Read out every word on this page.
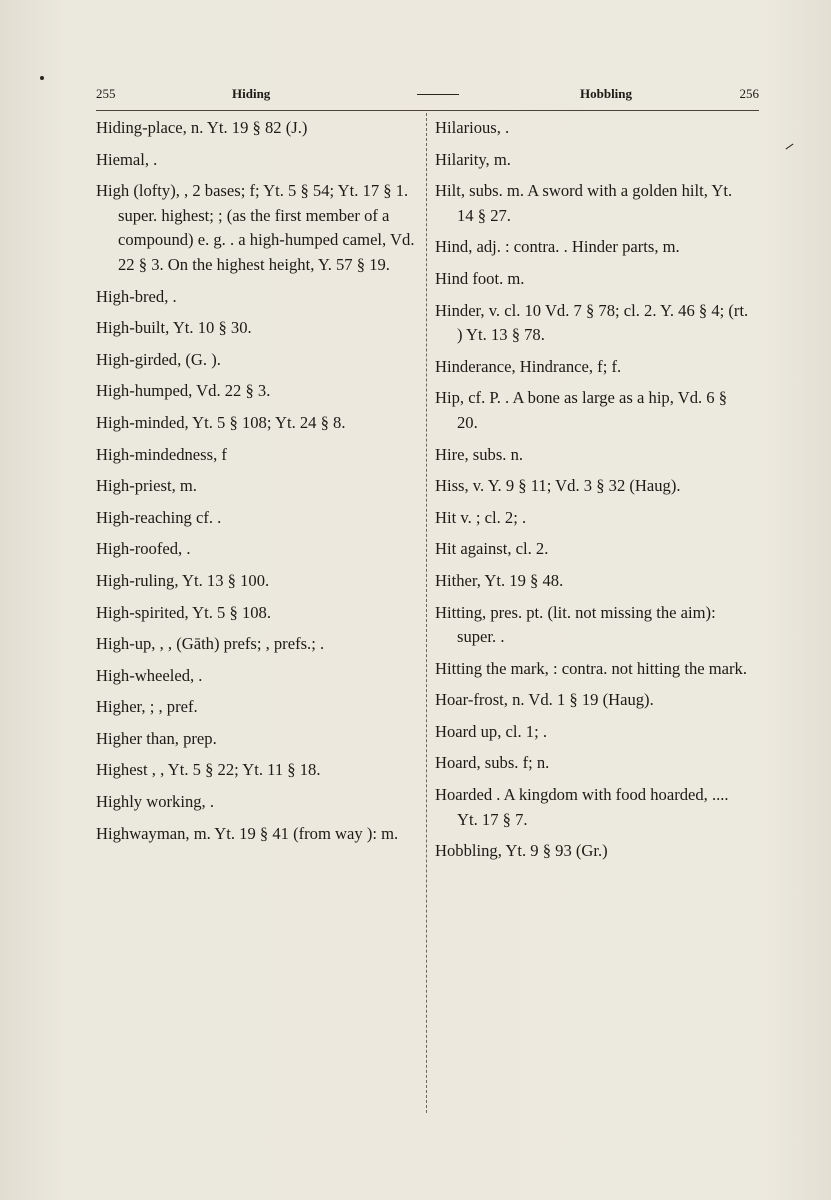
255	Hiding	Hobbling	256
Hiding-place, n. Yt. 19 § 82 (J.)
Hiemal, .
High (lofty), , 2 bases; f; Yt. 5 § 54; Yt. 17 § 1. super. highest; ; (as the first member of a compound) e. g. . a high-humped camel, Vd. 22 § 3. On the highest height, Y. 57 § 19.
High-bred, .
High-built, Yt. 10 § 30.
High-girded, (G. ).
High-humped, Vd. 22 § 3.
High-minded, Yt. 5 § 108; Yt. 24 § 8.
High-mindedness, f
High-priest, m.
High-reaching cf. .
High-roofed, .
High-ruling, Yt. 13 § 100.
High-spirited, Yt. 5 § 108.
High-up, , , (Gāth) prefs; , prefs.; .
High-wheeled, .
Higher, ; , pref.
Higher than, prep.
Highest , , Yt. 5 § 22; Yt. 11 § 18.
Highly working, .
Highwayman, m. Yt. 19 § 41 (from way ): m.
Hilarious, .
Hilarity, m.
Hilt, subs. m. A sword with a golden hilt, Yt. 14 § 27.
Hind, adj. : contra. . Hinder parts, m.
Hind foot. m.
Hinder, v. cl. 10 Vd. 7 § 78; cl. 2. Y. 46 § 4; (rt. ) Yt. 13 § 78.
Hinderance, Hindrance, f; f.
Hip, cf. P. . A bone as large as a hip, Vd. 6 § 20.
Hire, subs. n.
Hiss, v. Y. 9 § 11; Vd. 3 § 32 (Haug).
Hit v. ; cl. 2; .
Hit against, cl. 2.
Hither, Yt. 19 § 48.
Hitting, pres. pt. (lit. not missing the aim): super. .
Hitting the mark, : contra. not hitting the mark.
Hoar-frost, n. Vd. 1 § 19 (Haug).
Hoard up, cl. 1; .
Hoard, subs. f; n.
Hoarded . A kingdom with food hoarded, .... Yt. 17 § 7.
Hobbling, Yt. 9 § 93 (Gr.)
